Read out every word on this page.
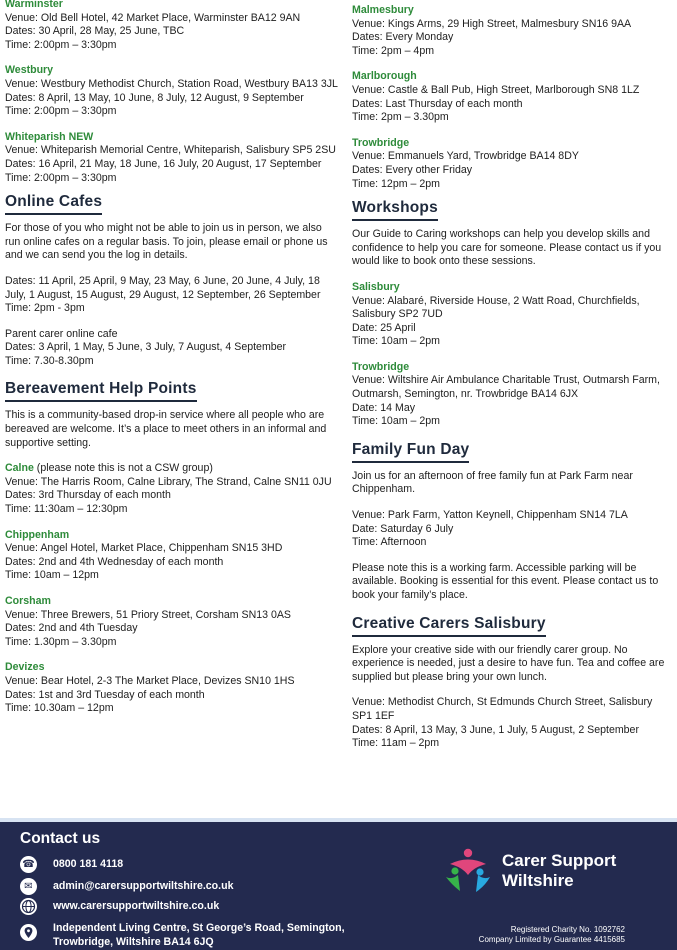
Warminster
Venue: Old Bell Hotel, 42 Market Place, Warminster BA12 9AN
Dates: 30 April, 28 May, 25 June, TBC
Time: 2:00pm – 3:30pm
Westbury
Venue: Westbury Methodist Church, Station Road, Westbury BA13 3JL
Dates: 8 April, 13 May, 10 June, 8 July, 12 August, 9 September
Time: 2:00pm – 3:30pm
Whiteparish NEW
Venue: Whiteparish Memorial Centre, Whiteparish, Salisbury SP5 2SU
Dates: 16 April, 21 May, 18 June, 16 July, 20 August, 17 September
Time: 2:00pm – 3:30pm
Online Cafes
For those of you who might not be able to join us in person, we also run online cafes on a regular basis. To join, please email or phone us and we can send you the log in details.
Dates: 11 April, 25 April, 9 May, 23 May, 6 June, 20 June, 4 July, 18 July, 1 August, 15 August, 29 August, 12 September, 26 September
Time: 2pm - 3pm
Parent carer online cafe
Dates: 3 April, 1 May, 5 June, 3 July, 7 August, 4 September
Time: 7.30-8.30pm
Bereavement Help Points
This is a community-based drop-in service where all people who are bereaved are welcome. It’s a place to meet others in an informal and supportive setting.
Calne (please note this is not a CSW group)
Venue: The Harris Room, Calne Library, The Strand, Calne SN11 0JU
Dates: 3rd Thursday of each month
Time: 11:30am – 12:30pm
Chippenham
Venue: Angel Hotel, Market Place, Chippenham SN15 3HD
Dates: 2nd and 4th Wednesday of each month
Time: 10am – 12pm
Corsham
Venue: Three Brewers, 51 Priory Street, Corsham SN13 0AS
Dates: 2nd and 4th Tuesday
Time: 1.30pm – 3.30pm
Devizes
Venue: Bear Hotel, 2-3 The Market Place, Devizes SN10 1HS
Dates: 1st and 3rd Tuesday of each month
Time: 10.30am – 12pm
Malmesbury
Venue: Kings Arms, 29 High Street, Malmesbury SN16 9AA
Dates: Every Monday
Time: 2pm – 4pm
Marlborough
Venue: Castle & Ball Pub, High Street, Marlborough SN8 1LZ
Dates: Last Thursday of each month
Time: 2pm – 3.30pm
Trowbridge
Venue: Emmanuels Yard, Trowbridge BA14 8DY
Dates: Every other Friday
Time: 12pm – 2pm
Workshops
Our Guide to Caring workshops can help you develop skills and confidence to help you care for someone. Please contact us if you would like to book onto these sessions.
Salisbury
Venue: Alabaré, Riverside House, 2 Watt Road, Churchfields, Salisbury SP2 7UD
Date: 25 April
Time: 10am – 2pm
Trowbridge
Venue: Wiltshire Air Ambulance Charitable Trust, Outmarsh Farm, Outmarsh, Semington, nr. Trowbridge BA14 6JX
Date: 14 May
Time: 10am – 2pm
Family Fun Day
Join us for an afternoon of free family fun at Park Farm near Chippenham.
Venue: Park Farm, Yatton Keynell, Chippenham SN14 7LA
Date: Saturday 6 July
Time: Afternoon
Please note this is a working farm. Accessible parking will be available. Booking is essential for this event. Please contact us to book your family’s place.
Creative Carers Salisbury
Explore your creative side with our friendly carer group. No experience is needed, just a desire to have fun. Tea and coffee are supplied but please bring your own lunch.
Venue: Methodist Church, St Edmunds Church Street, Salisbury SP1 1EF
Dates: 8 April, 13 May, 3 June, 1 July, 5 August, 2 September
Time: 11am – 2pm
Contact us
☎ 0800 181 4118
✉	admin@carersupportwiltshire.co.uk
www.carersupportwiltshire.co.uk
Independent Living Centre, St George’s Road, Semington,
Trowbridge, Wiltshire BA14 6JQ
Carer Support
Wiltshire
Registered Charity No. 1092762
Company Limited by Guarantee 4415685
